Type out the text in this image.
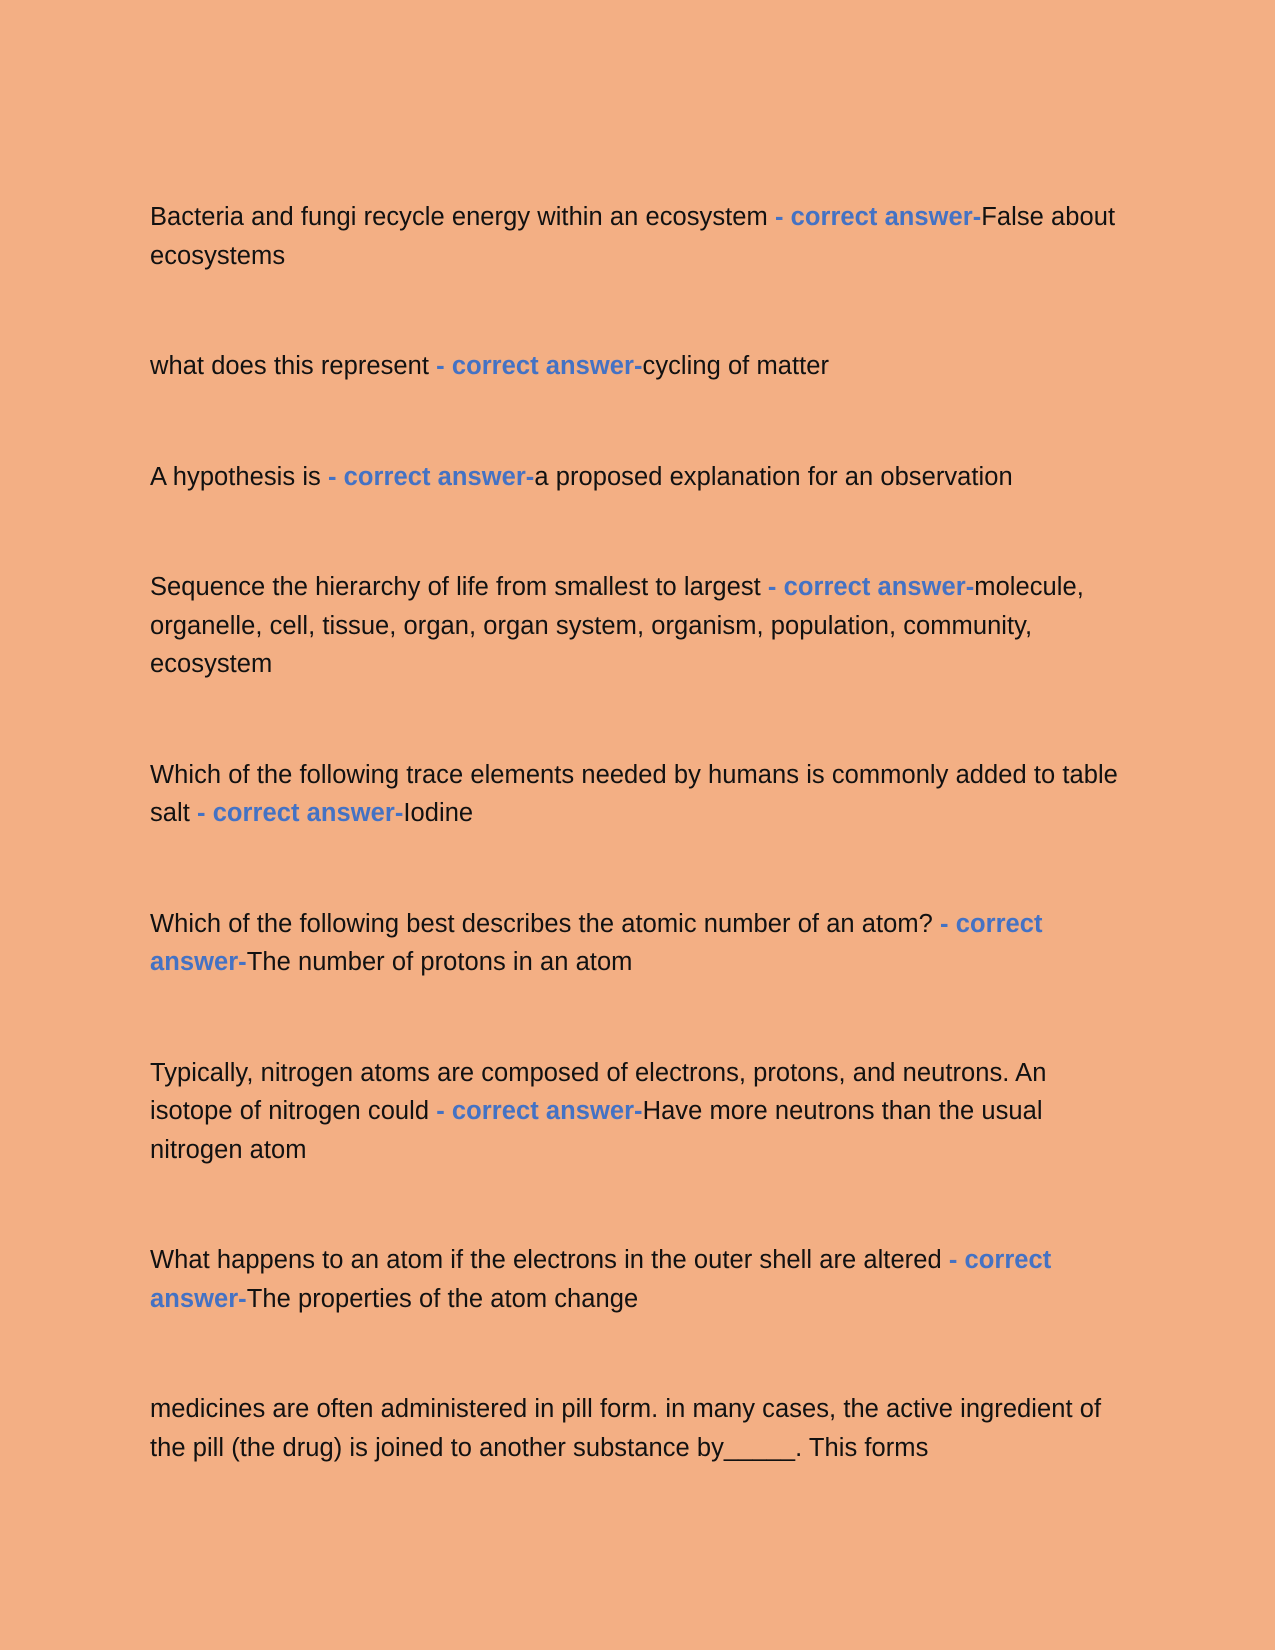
Bacteria and fungi recycle energy within an ecosystem - correct answer-False about ecosystems

what does this represent - correct answer-cycling of matter

A hypothesis is - correct answer-a proposed explanation for an observation

Sequence the hierarchy of life from smallest to largest - correct answer-molecule, organelle, cell, tissue, organ, organ system, organism, population, community, ecosystem

Which of the following trace elements needed by humans is commonly added to table salt - correct answer-Iodine

Which of the following best describes the atomic number of an atom? - correct answer-The number of protons in an atom

Typically, nitrogen atoms are composed of electrons, protons, and neutrons. An isotope of nitrogen could - correct answer-Have more neutrons than the usual nitrogen atom

What happens to an atom if the electrons in the outer shell are altered - correct answer-The properties of the atom change

medicines are often administered in pill form. in many cases, the active ingredient of the pill (the drug) is joined to another substance by_____. This forms
